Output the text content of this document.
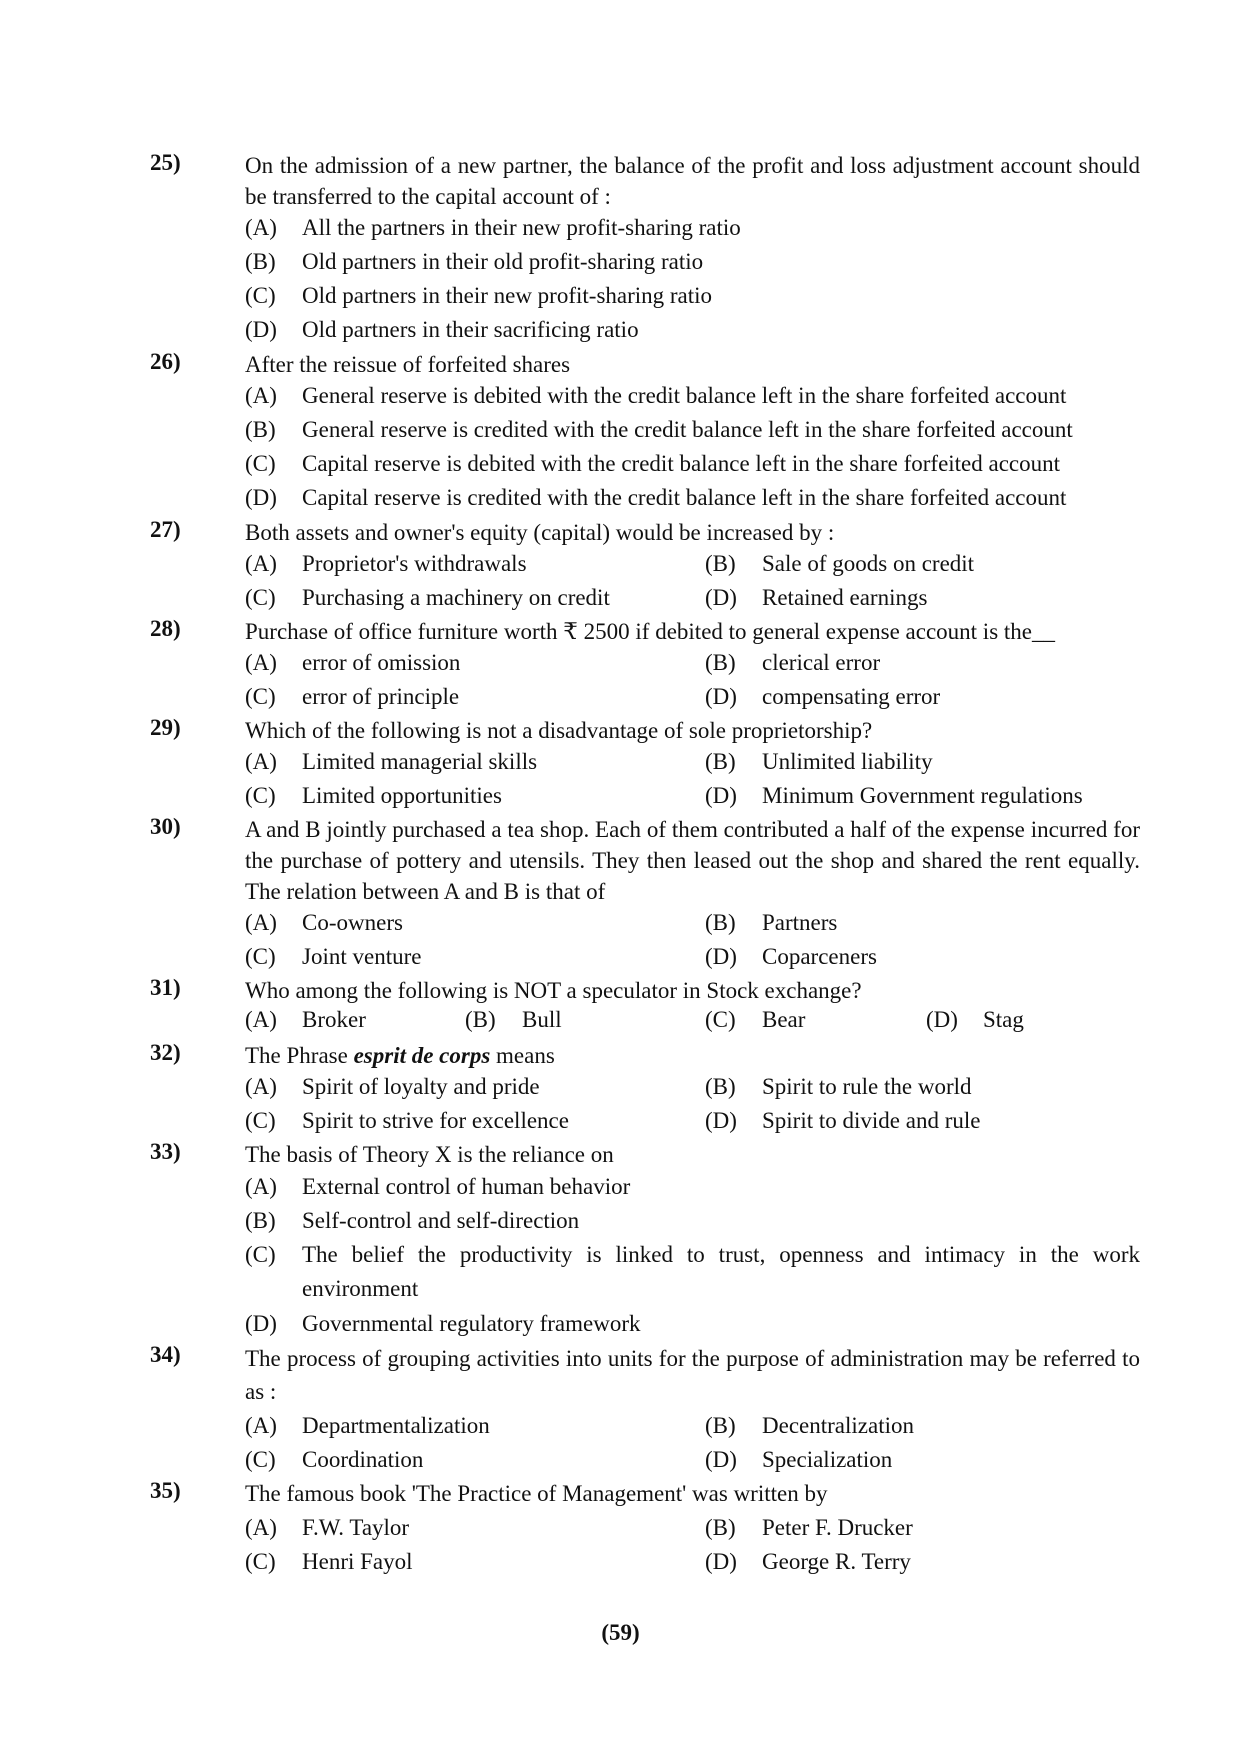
25)	On the admission of a new partner, the balance of the profit and loss adjustment account should be transferred to the capital account of :
(A) All the partners in their new profit-sharing ratio
(B) Old partners in their old profit-sharing ratio
(C) Old partners in their new profit-sharing ratio
(D) Old partners in their sacrificing ratio
26)	After the reissue of forfeited shares
(A) General reserve is debited with the credit balance left in the share forfeited account
(B) General reserve is credited with the credit balance left in the share forfeited account
(C) Capital reserve is debited with the credit balance left in the share forfeited account
(D) Capital reserve is credited with the credit balance left in the share forfeited account
27)	Both assets and owner's equity (capital) would be increased by :
(A) Proprietor's withdrawals	(B) Sale of goods on credit
(C) Purchasing a machinery on credit	(D) Retained earnings
28)	Purchase of office furniture worth ₹ 2500 if debited to general expense account is the__
(A) error of omission	(B) clerical error
(C) error of principle	(D) compensating error
29)	Which of the following is not a disadvantage of sole proprietorship?
(A) Limited managerial skills	(B) Unlimited liability
(C) Limited opportunities	(D) Minimum Government regulations
30)	A and B jointly purchased a tea shop. Each of them contributed a half of the expense incurred for the purchase of pottery and utensils. They then leased out the shop and shared the rent equally. The relation between A and B is that of
(A) Co-owners	(B) Partners
(C) Joint venture	(D) Coparceners
31)	Who among the following is NOT a speculator in Stock exchange?
(A) Broker	(B) Bull	(C) Bear	(D) Stag
32)	The Phrase esprit de corps means
(A) Spirit of loyalty and pride	(B) Spirit to rule the world
(C) Spirit to strive for excellence	(D) Spirit to divide and rule
33)	The basis of Theory X is the reliance on
(A)	External control of human behavior
(B)	Self-control and self-direction
(C)	The belief the productivity is linked to trust, openness and intimacy in the work environment
(D)	Governmental regulatory framework
34)	The process of grouping activities into units for the purpose of administration may be referred to as :
(A) Departmentalization	(B) Decentralization
(C) Coordination	(D) Specialization
35)	The famous book 'The Practice of Management' was written by
(A) F.W. Taylor	(B) Peter F. Drucker
(C) Henri Fayol	(D) George R. Terry
(59)
